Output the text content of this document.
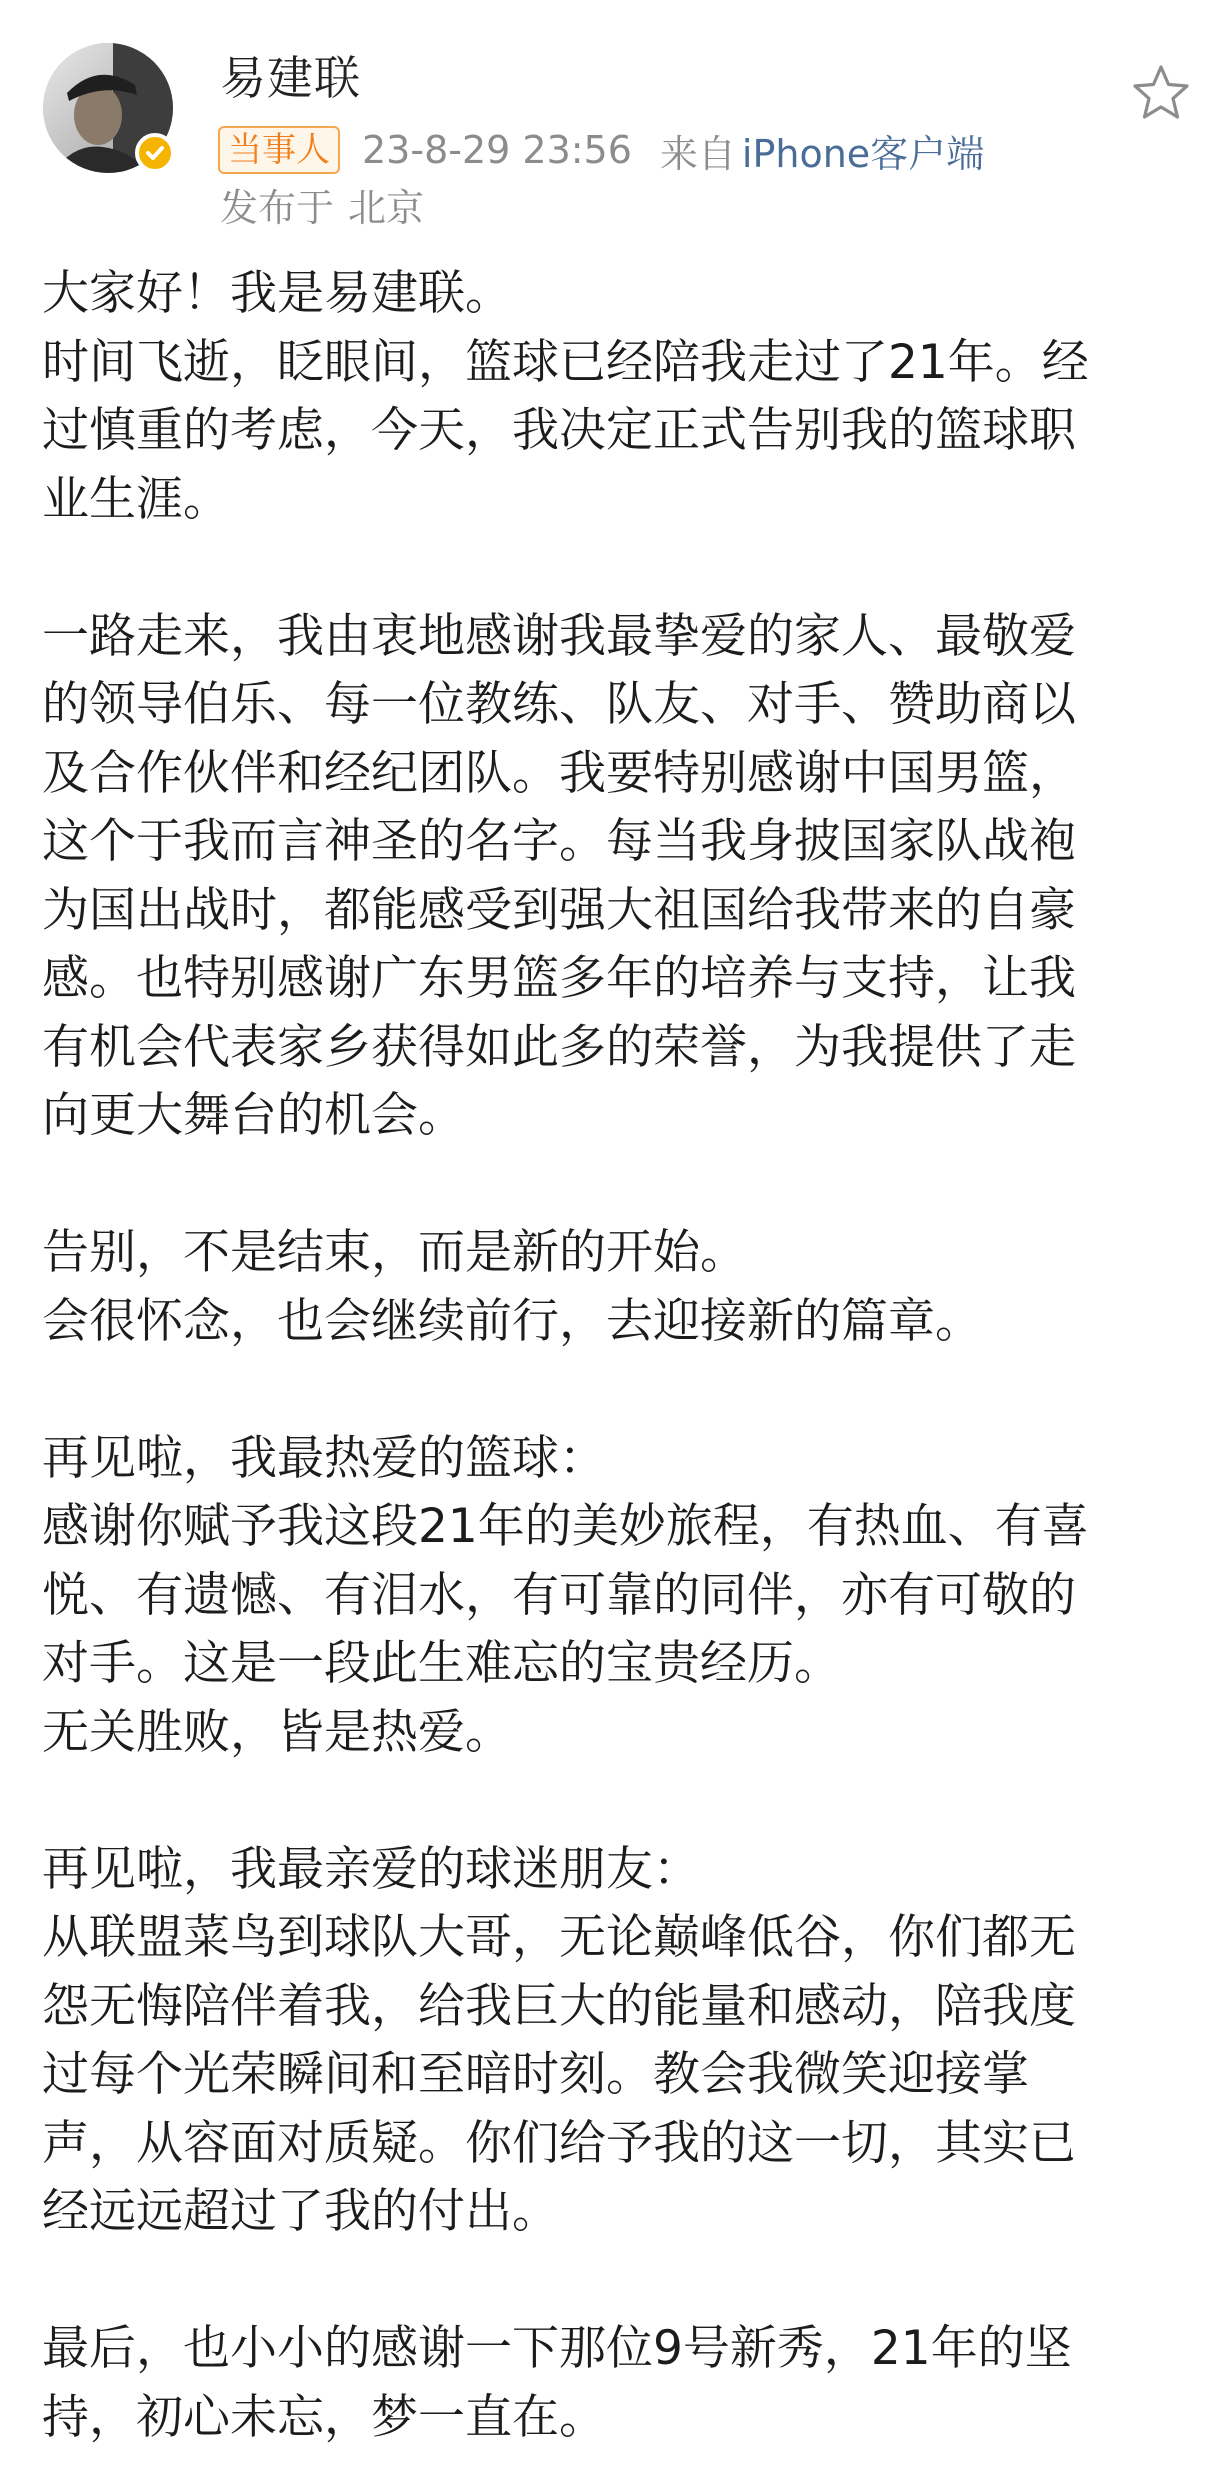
易建联
当事人 23-8-29 23:56 来自 iPhone客户端
发布于 北京

大家好！我是易建联。

时间飞逝，眨眼间，篮球已经陪我走过了21年。经

过慎重的考虑，今天，我决定正式告别我的篮球职

业生涯。

一路走来，我由衷地感谢我最挚爱的家人、最敬爱

的领导伯乐、每一位教练、队友、对手、赞助商以

及合作伙伴和经纪团队。我要特别感谢中国男篮，

这个于我而言神圣的名字。每当我身披国家队战袍

为国出战时，都能感受到强大祖国给我带来的自豪

感。也特别感谢广东男篮多年的培养与支持，让我

有机会代表家乡获得如此多的荣誉，为我提供了走

向更大舞台的机会。

告别，不是结束，而是新的开始。

会很怀念，也会继续前行，去迎接新的篇章。

再见啦，我最热爱的篮球：

感谢你赋予我这段21年的美妙旅程，有热血、有喜

悦、有遗憾、有泪水，有可靠的同伴，亦有可敬的

对手。这是一段此生难忘的宝贵经历。

无关胜败，皆是热爱。

再见啦，我最亲爱的球迷朋友：

从联盟菜鸟到球队大哥，无论巅峰低谷，你们都无

怨无悔陪伴着我，给我巨大的能量和感动，陪我度

过每个光荣瞬间和至暗时刻。教会我微笑迎接掌

声，从容面对质疑。你们给予我的这一切，其实已

经远远超过了我的付出。

最后，也小小的感谢一下那位9号新秀，21年的坚

持，初心未忘，梦一直在。
